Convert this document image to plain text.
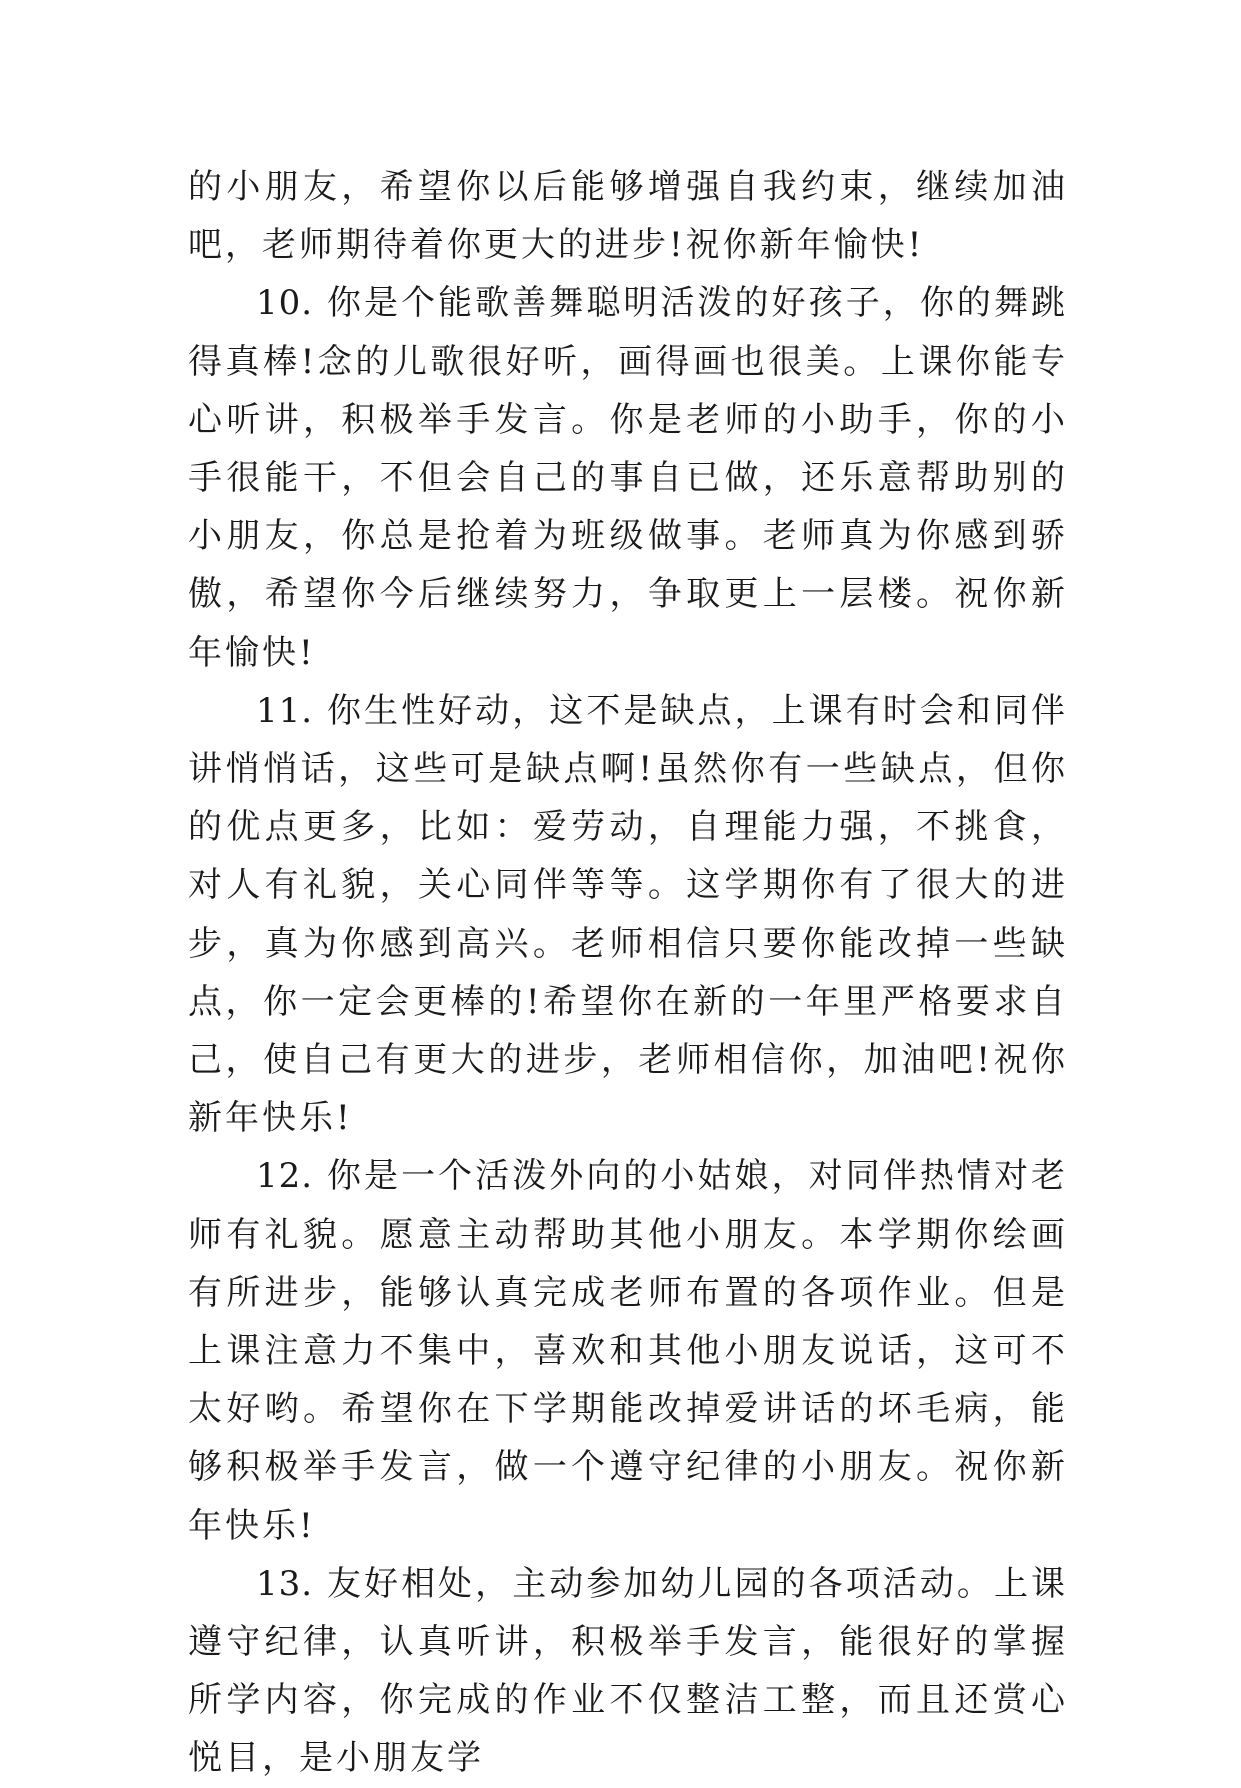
的小朋友，希望你以后能够增强自我约束，继续加油吧，老师期待着你更大的进步!祝你新年愉快!

10. 你是个能歌善舞聪明活泼的好孩子，你的舞跳得真棒!念的儿歌很好听，画得画也很美。上课你能专心听讲，积极举手发言。你是老师的小助手，你的小手很能干，不但会自己的事自已做，还乐意帮助别的小朋友，你总是抢着为班级做事。老师真为你感到骄傲，希望你今后继续努力，争取更上一层楼。祝你新年愉快!

11. 你生性好动，这不是缺点，上课有时会和同伴讲悄悄话，这些可是缺点啊!虽然你有一些缺点，但你的优点更多，比如：爱劳动，自理能力强，不挑食，对人有礼貌，关心同伴等等。这学期你有了很大的进步，真为你感到高兴。老师相信只要你能改掉一些缺点，你一定会更棒的!希望你在新的一年里严格要求自己，使自己有更大的进步，老师相信你，加油吧!祝你新年快乐!

12. 你是一个活泼外向的小姑娘，对同伴热情对老师有礼貌。愿意主动帮助其他小朋友。本学期你绘画有所进步，能够认真完成老师布置的各项作业。但是上课注意力不集中，喜欢和其他小朋友说话，这可不太好哟。希望你在下学期能改掉爱讲话的坏毛病，能够积极举手发言，做一个遵守纪律的小朋友。祝你新年快乐!

13. 友好相处，主动参加幼儿园的各项活动。上课遵守纪律，认真听讲，积极举手发言，能很好的掌握所学内容，你完成的作业不仅整洁工整，而且还赏心悦目，是小朋友学
